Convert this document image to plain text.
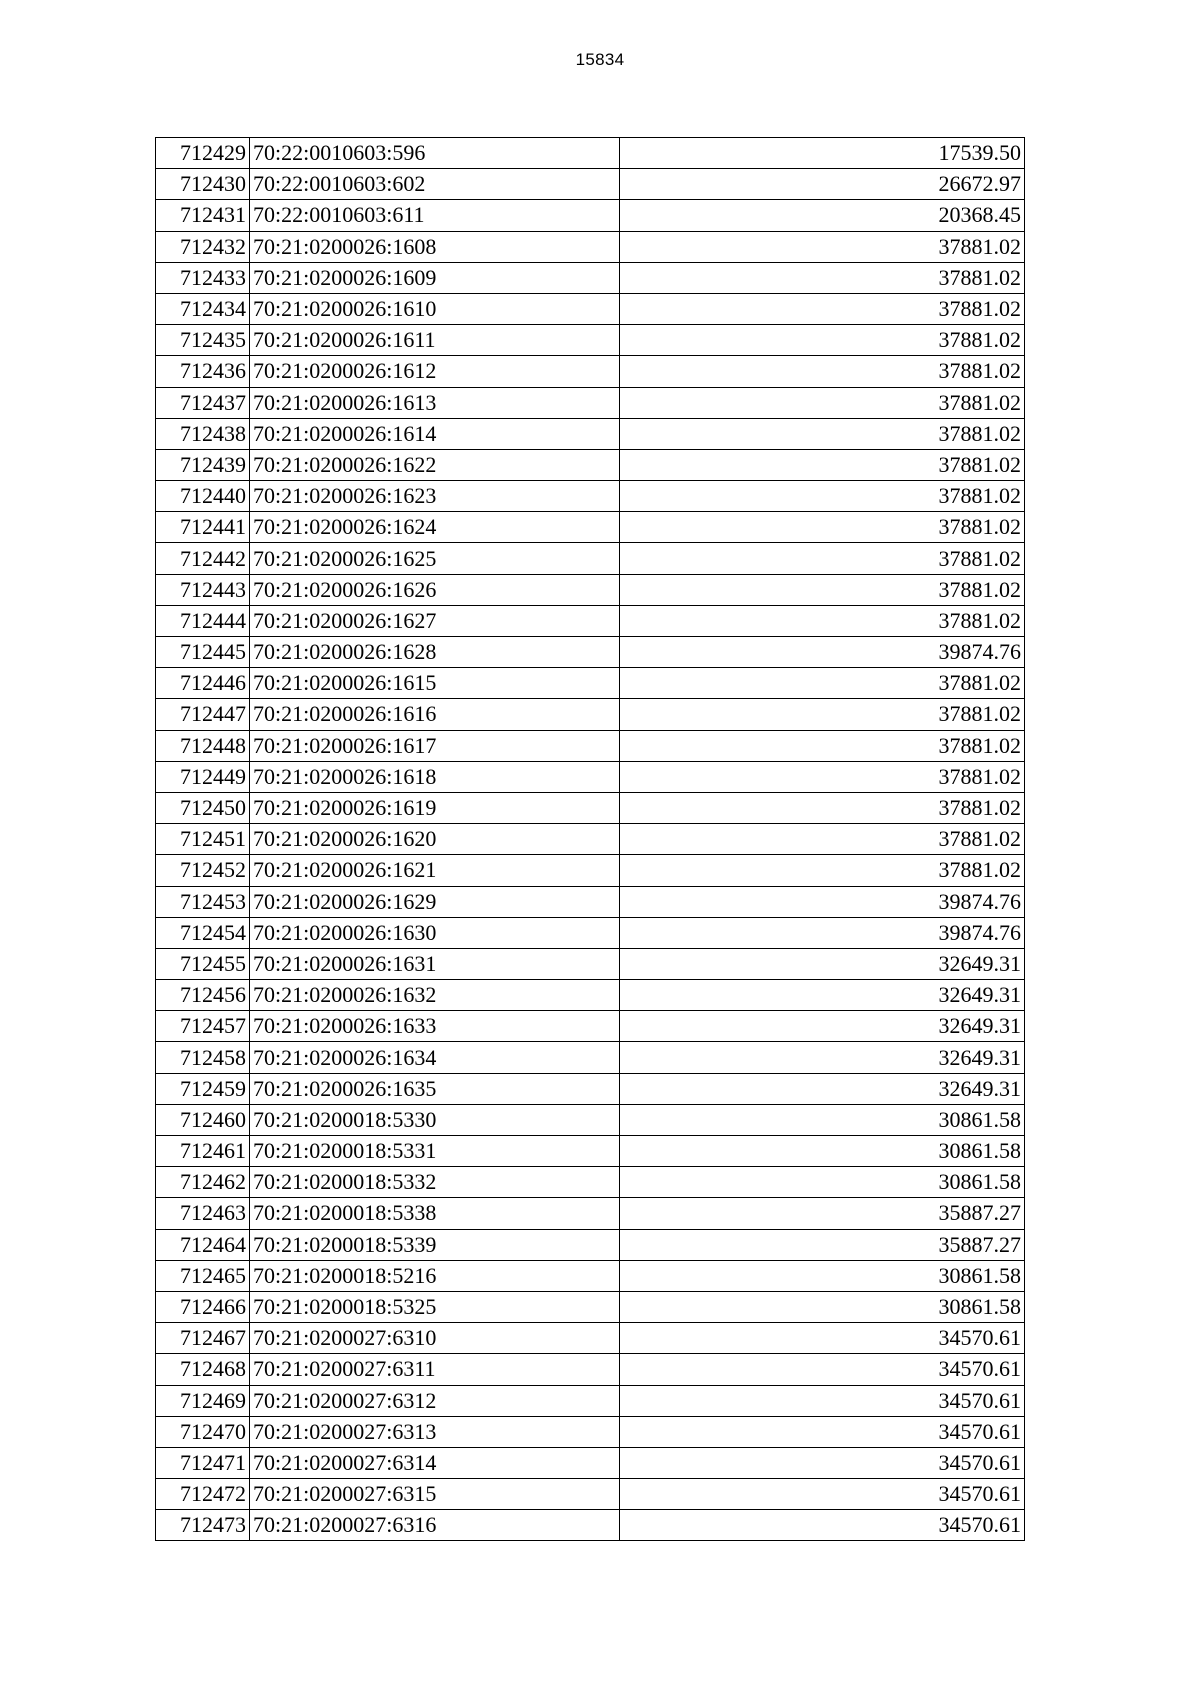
15834
712429	70:22:0010603:596	17539.50
712430	70:22:0010603:602	26672.97
712431	70:22:0010603:611	20368.45
712432	70:21:0200026:1608	37881.02
712433	70:21:0200026:1609	37881.02
712434	70:21:0200026:1610	37881.02
712435	70:21:0200026:1611	37881.02
712436	70:21:0200026:1612	37881.02
712437	70:21:0200026:1613	37881.02
712438	70:21:0200026:1614	37881.02
712439	70:21:0200026:1622	37881.02
712440	70:21:0200026:1623	37881.02
712441	70:21:0200026:1624	37881.02
712442	70:21:0200026:1625	37881.02
712443	70:21:0200026:1626	37881.02
712444	70:21:0200026:1627	37881.02
712445	70:21:0200026:1628	39874.76
712446	70:21:0200026:1615	37881.02
712447	70:21:0200026:1616	37881.02
712448	70:21:0200026:1617	37881.02
712449	70:21:0200026:1618	37881.02
712450	70:21:0200026:1619	37881.02
712451	70:21:0200026:1620	37881.02
712452	70:21:0200026:1621	37881.02
712453	70:21:0200026:1629	39874.76
712454	70:21:0200026:1630	39874.76
712455	70:21:0200026:1631	32649.31
712456	70:21:0200026:1632	32649.31
712457	70:21:0200026:1633	32649.31
712458	70:21:0200026:1634	32649.31
712459	70:21:0200026:1635	32649.31
712460	70:21:0200018:5330	30861.58
712461	70:21:0200018:5331	30861.58
712462	70:21:0200018:5332	30861.58
712463	70:21:0200018:5338	35887.27
712464	70:21:0200018:5339	35887.27
712465	70:21:0200018:5216	30861.58
712466	70:21:0200018:5325	30861.58
712467	70:21:0200027:6310	34570.61
712468	70:21:0200027:6311	34570.61
712469	70:21:0200027:6312	34570.61
712470	70:21:0200027:6313	34570.61
712471	70:21:0200027:6314	34570.61
712472	70:21:0200027:6315	34570.61
712473	70:21:0200027:6316	34570.61
